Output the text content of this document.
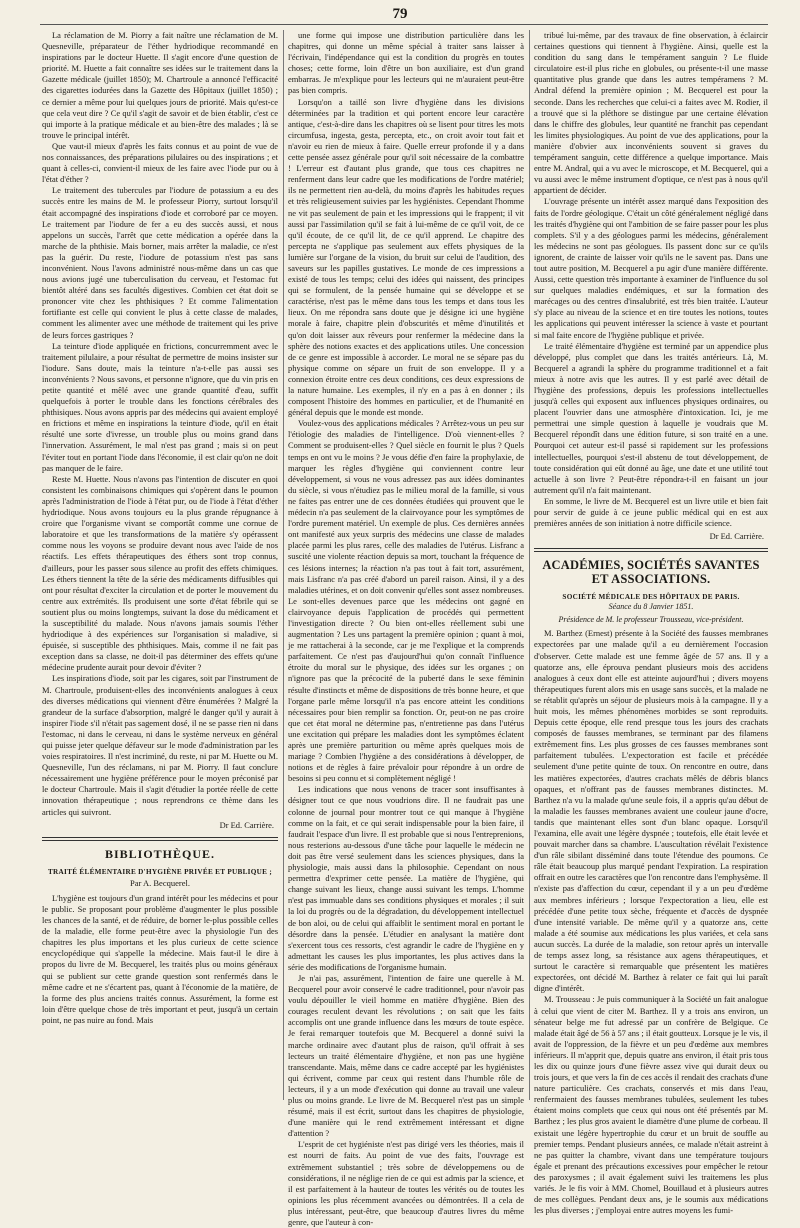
79

La réclamation de M. Piorry a fait naître une réclamation de M. Quesneville, préparateur de l'éther hydriodique recommandé en inspirations par le docteur Huette. Il s'agit encore d'une question de priorité. M. Huette a fait connaître ses idées sur le traitement dans la Gazette médicale (juillet 1850); M. Chartroule a annoncé l'efficacité des cigarettes iodurées dans la Gazette des Hôpitaux (juillet 1850) ; ce dernier a même pour lui quelques jours de priorité. Mais qu'est-ce que cela veut dire ? Ce qu'il s'agit de savoir et de bien établir, c'est ce qui importe à la pratique médicale et au bien-être des malades ; là se trouve le principal intérêt.

Que vaut-il mieux d'après les faits connus et au point de vue de nos connaissances, des préparations pilulaires ou des inspirations ; et quant à celles-ci, convient-il mieux de les faire avec l'iode pur ou à l'état d'éther ?

Le traitement des tubercules par l'iodure de potassium a eu des succès entre les mains de M. le professeur Piorry, surtout lorsqu'il était accompagné des inspirations d'iode et corroboré par ce moyen. Le traitement par l'iodure de fer a eu des succès aussi, et nous appelons un succès, l'arrêt que cette médication a opérée dans la marche de la phthisie. Mais borner, mais arrêter la maladie, ce n'est pas la guérir. Du reste, l'iodure de potassium n'est pas sans inconvénient. Nous l'avons administré nous-même dans un cas que nous avions jugé une tuberculisation du cerveau, et l'estomac fut bientôt altéré dans ses facultés digestives. Combien cet état doit se prononcer vite chez les phthisiques ? Et comme l'alimentation fortifiante est celle qui convient le plus à cette classe de malades, comment les alimenter avec une méthode de traitement qui les prive de leurs forces gastriques ?

La teinture d'iode appliquée en frictions, concurremment avec le traitement pilulaire, a pour résultat de permettre de moins insister sur l'iodure. Sans doute, mais la teinture n'a-t-elle pas aussi ses inconvénients ? Nous savons, et personne n'ignore, que du vin pris en petite quantité et mêlé avec une grande quantité d'eau, suffit quelquefois à porter le trouble dans les fonctions cérébrales des phthisiques. Nous avons appris par des médecins qui avaient employé en frictions et même en inspirations la teinture d'iode, qu'il en était résulté une sorte d'ivresse, un trouble plus ou moins grand dans l'innervation. Assurément, le mal n'est pas grand ; mais si on peut l'éviter tout en portant l'iode dans l'économie, il est clair qu'on ne doit pas manquer de le faire.

Reste M. Huette. Nous n'avons pas l'intention de discuter en quoi consistent les combinaisons chimiques qui s'opèrent dans le poumon après l'administration de l'iode à l'état pur, ou de l'iode à l'état d'éther hydriodique. Nous avons toujours eu la plus grande répugnance à croire que l'organisme vivant se comportât comme une cornue de laboratoire et que les transformations de la matière s'y opérassent comme nous les voyons se produire devant nous avec l'aide de nos réactifs. Les effets thérapeutiques des éthers sont trop connus, d'ailleurs, pour les passer sous silence au profit des effets chimiques. Les éthers tiennent la tête de la série des médicaments diffusibles qui ont pour résultat d'exciter la circulation et de porter le mouvement du centre aux extrémités. Ils produisent une sorte d'état fébrile qui se soutient plus ou moins longtemps, suivant la dose du médicament et la susceptibilité du malade. Nous n'avons jamais soumis l'éther hydriodique à des expériences sur l'organisation si maladive, si épuisée, si susceptible des phthisiques. Mais, comme il ne fait pas exception dans sa classe, ne doit-il pas déterminer des effets qu'une médecine prudente aurait pour devoir d'éviter ?

Les inspirations d'iode, soit par les cigares, soit par l'instrument de M. Chartroule, produisent-elles des inconvénients analogues à ceux des diverses médications qui viennent d'être énumérées ? Malgré la grandeur de la surface d'absorption, malgré le danger qu'il y aurait à inspirer l'iode s'il n'était pas sagement dosé, il ne se passe rien ni dans l'estomac, ni dans le cerveau, ni dans le système nerveux en général qui puisse jeter quelque défaveur sur le mode d'administration par les voies respiratoires. Il n'est incriminé, du reste, ni par M. Huette ou M. Quesneville, l'un des réclamans, ni par M. Piorry. Il faut conclure nécessairement une hygiène préférence pour le moyen préconisé par le docteur Chartroule. Mais il s'agit d'étudier la portée réelle de cette innovation thérapeutique ; nous reprendrons ce thème dans les articles qui suivront.

Dr Ed. Carrière.
BIBLIOTHÈQUE.
TRAITÉ ÉLÉMENTAIRE D'HYGIÈNE PRIVÉE ET PUBLIQUE ;
Par A. Becquerel.

L'hygiène est toujours d'un grand intérêt pour les médecins et pour le public. Se proposant pour problème d'augmenter le plus possible les chances de la santé, et de réduire, de borner le-plus possible celles de la maladie, elle forme peut-être avec la physiologie l'un des chapitres les plus importans et les plus curieux de cette science encyclopédique qui s'appelle la médecine. Mais faut-il le dire à propos du livre de M. Becquerel, les traités plus ou moins généraux qui se publient sur cette grande question sont renfermés dans le même cadre et ne s'écartent pas, quant à l'économie de la matière, de la forme des plus anciens traités connus. Assurément, la forme est loin d'être quelque chose de très important et peut, jusqu'à un certain point, ne pas nuire au fond. Mais

une forme qui impose une distribution particulière dans les chapitres, qui donne un même spécial à traiter sans laisser à l'écrivain, l'indépendance qui est la condition du progrès en toutes choses; cette forme, loin d'être un bon auxiliaire, est d'un grand embarras. Je m'explique pour les lecteurs qui ne m'auraient peut-être pas bien compris.

Lorsqu'on a taillé son livre d'hygiène dans les divisions déterminées par la tradition et qui portent encore leur caractère antique, c'est-à-dire dans les chapitres où se lisent pour titres les mots circumfusa, ingesta, gesta, percepta, etc., on croit avoir tout fait et n'avoir eu rien de mieux à faire. Quelle erreur profonde il y a dans cette pensée assez générale pour qu'il soit nécessaire de la combattre ! L'erreur est d'autant plus grande, que tous ces chapitres ne renferment dans leur cadre que les modifications de l'ordre matériel; ils ne permettent rien au-delà, du moins d'après les habitudes reçues et très religieusement suivies par les hygiénistes. Cependant l'homme ne vit pas seulement de pain et les impressions qui le frappent; il vit aussi par l'assimilation qu'il se fait à lui-même de ce qu'il voit, de ce qu'il écoute, de ce qu'il lit, de ce qu'il apprend. Le chapitre des percepta ne s'applique pas seulement aux effets physiques de la lumière sur l'organe de la vision, du bruit sur celui de l'audition, des saveurs sur les papilles gustatives. Le monde de ces impressions a existé de tous les temps; celui des idées qui naissent, des principes qui se formulent, de la pensée humaine qui se développe et se caractérise, n'est pas le même dans tous les temps et dans tous les lieux. On me répondra sans doute que je désigne ici une hygiène morale à faire, chapitre plein d'obscurités et même d'inutilités et qu'on doit laisser aux rêveurs pour renfermer la médecine dans la sphère des notions exactes et des applications utiles. Une concession de ce genre est impossible à accorder. Le moral ne se sépare pas du physique comme on sépare un fruit de son enveloppe. Il y a connexion étroite entre ces deux conditions, ces deux expressions de la nature humaine. Les exemples, il n'y en a pas à en donner ; ils composent l'histoire des hommes en particulier, et de l'humanité en général depuis que le monde est monde.

Voulez-vous des applications médicales ? Arrêtez-vous un peu sur l'étiologie des maladies de l'intelligence. D'où viennent-elles ? Comment se produisent-elles ? Quel siècle en fournit le plus ? Quels temps en ont vu le moins ? Je vous défie d'en faire la prophylaxie, de marquer les règles d'hygiène qui conviennent contre leur développement, si vous ne vous adressez pas aux idées dominantes du siècle, si vous n'étudiez pas le milieu moral de la famille, si vous ne faites pas entrer une de ces données étudiées qui prouvent que le médecin n'a pas seulement de la clairvoyance pour les symptômes de l'ordre purement matériel. Un exemple de plus. Ces dernières années ont manifesté aux yeux surpris des médecins une classe de malades placée parmi les plus rares, celle des maladies de l'utérus. Lisfranc a suscité une violente réaction depuis sa mort, touchant la fréquence de ces lésions internes; la réaction n'a pas tout à fait tort, assurément, mais Lisfranc n'a pas créé d'abord un pareil raison. Ainsi, il y a des maladies utérines, et on doit convenir qu'elles sont assez nombreuses. Le sont-elles devenues parce que les médecins ont gagné en clairvoyance depuis l'application de procédés qui permettent l'investigation directe ? Ou bien ont-elles réellement subi une augmentation ? Les uns partagent la première opinion ; quant à moi, je me rattacherai à la seconde, car je me l'explique et la comprends parfaitement. Ce n'est pas d'aujourd'hui qu'on connaît l'influence étroite du moral sur le physique, des idées sur les organes ; on n'ignore pas que la précocité de la puberté dans le sexe féminin résulte d'instincts et même de dispositions de très bonne heure, et que l'organe parle même lorsqu'il n'a pas encore atteint les conditions nécessaires pour bien remplir sa fonction. Or, peut-on ne pas croire que cet état moral ne détermine pas, n'entretienne pas dans l'utérus une excitation qui prépare les maladies dont les symptômes éclatent après une première parturition ou même après quelques mois de mariage ? Combien l'hygiène a des considérations à développer, de notions et de règles à faire prévaloir pour répondre à un ordre de besoins si peu connu et si complètement négligé !

Les indications que nous venons de tracer sont insuffisantes à désigner tout ce que nous voudrions dire. Il ne faudrait pas une colonne de journal pour montrer tout ce qui manque à l'hygiène comme on la fait, et ce qui serait indispensable pour la bien faire, il faudrait l'espace d'un livre. Il est probable que si nous l'entreprenions, nous resterions au-dessous d'une tâche pour laquelle le médecin ne doit pas être versé seulement dans les sciences physiques, dans la physiologie, mais aussi dans la philosophie. Cependant on nous permettra d'exprimer cette pensée. La matière de l'hygiène, qui change suivant les lieux, change aussi suivant les temps. L'homme n'est pas immuable dans ses conditions physiques et morales ; il suit la loi du progrès ou de la dégradation, du développement intellectuel de bon aloi, ou de celui qui affaiblit le sentiment moral en portant le désordre dans la pensée. L'étudier en analysant la matière dont s'exercent tous ces ressorts, c'est agrandir le cadre de l'hygiène en y admettant les causes les plus importantes, les plus actives dans la série des modifications de l'organisme humain.

Je n'ai pas, assurément, l'intention de faire une querelle à M. Becquerel pour avoir conservé le cadre traditionnel, pour n'avoir pas voulu dépouiller le vieil homme en matière d'hygiène. Bien des courages reculent devant les révolutions ; on sait que les faits accomplis ont une grande influence dans les mœurs de toute espèce. Je ferai remarquer toutefois que M. Becquerel a donné suivi la marche ordinaire avec d'autant plus de raison, qu'il offrait à ses lecteurs un traité élémentaire d'hygiène, et non pas une hygiène transcendante. Mais, même dans ce cadre accepté par les hygiénistes qui écrivent, comme par ceux qui restent dans l'humble rôle de lecteurs, il y a un mode d'exécution qui donne au travail une valeur plus ou moins grande. Le livre de M. Becquerel n'est pas un simple résumé, mais il est écrit, surtout dans les chapitres de physiologie, d'une manière qui le rend extrêmement intéressant et digne d'attention ?

L'esprit de cet hygiéniste n'est pas dirigé vers les théories, mais il est nourri de faits. Au point de vue des faits, l'ouvrage est extrêmement substantiel ; très sobre de développemens ou de considérations, il ne néglige rien de ce qui est admis par la science, et il est parfaitement à la hauteur de toutes les vérités ou de toutes les opinions les plus récemment avancées ou démontrées. Il a cela de plus intéressant, peut-être, que beaucoup d'autres livres du même genre, que l'auteur à con-

tribué lui-même, par des travaux de fine observation, à éclaircir certaines questions qui tiennent à l'hygiène. Ainsi, quelle est la condition du sang dans le tempérament sanguin ? Le fluide circulatoire est-il plus riche en globules, ou présente-t-il une masse quantitative plus grande que dans les autres tempéramens ? M. Andral défend la première opinion ; M. Becquerel est pour la seconde. Dans les recherches que celui-ci a faites avec M. Rodier, il a trouvé que si la pléthore se distingue par une certaine élévation dans le chiffre des globules, leur quantité ne franchit pas cependant les limites physiologiques. Au point de vue des applications, pour la manière d'obvier aux inconvénients souvent si graves du tempérament sanguin, cette différence a quelque importance. Mais entre M. Andral, qui a vu avec le microscope, et M. Becquerel, qui a vu aussi avec le même instrument d'optique, ce n'est pas à nous qu'il appartient de décider.

L'ouvrage présente un intérêt assez marqué dans l'exposition des faits de l'ordre géologique. C'était un côté généralement négligé dans les traités d'hygiène qui ont l'ambition de se faire passer pour les plus complets. S'il y a des géologues parmi les médecins, généralement les médecins ne sont pas géologues. Ils passent donc sur ce qu'ils ignorent, de crainte de laisser voir qu'ils ne le savent pas. Dans une tout autre position, M. Becquerel a pu agir d'une manière différente. Aussi, cette question très importante à examiner de l'influence du sol sur quelques maladies endémiques, et sur la formation des marécages ou des centres d'insalubrité, est très bien traitée. L'auteur s'y place au niveau de la science et en tire toutes les notions, toutes les applications qui peuvent intéresser la science à vaste et pourtant si mal faite encore de l'hygiène publique et privée.

Le traité élémentaire d'hygiène est terminé par un appendice plus développé, plus complet que dans les traités antérieurs. Là, M. Becquerel a agrandi la sphère du programme traditionnel et a fait mieux à notre avis que les autres. Il y est parlé avec détail de l'hygiène des professions, depuis les professions intellectuelles jusqu'à celles qui exposent aux influences physiques ordinaires, ou placent l'ouvrier dans une atmosphère d'intoxication. Ici, je me permettrai une simple question à laquelle je voudrais que M. Becquerel répondît dans une édition future, si son traité en a une. Pourquoi cet auteur est-il passé si rapidement sur les professions intellectuelles, pourquoi s'est-il abstenu de tout développement, de toute considération qui eût donné au âge, une date et une utilité tout actuelle à son livre ? Peut-être répondra-t-il en faisant un jour autrement qu'il n'a fait maintenant.

En somme, le livre de M. Becquerel est un livre utile et bien fait pour servir de guide à ce jeune public médical qui en est aux premières années de son initiation à notre difficile science.

Dr Ed. Carrière.
ACADÉMIES, SOCIÉTÉS SAVANTES ET ASSOCIATIONS.
SOCIÉTÉ MÉDICALE DES HÔPITAUX DE PARIS.
Séance du 8 Janvier 1851.
Présidence de M. le professeur Trousseau, vice-président.

M. Barthez (Ernest) présente à la Société des fausses membranes expectorées par une malade qu'il a eu dernièrement l'occasion d'observer. Cette malade est une femme âgée de 57 ans. Il y a quatorze ans, elle éprouva pendant plusieurs mois des accidens analogues à ceux dont elle est atteinte aujourd'hui ; divers moyens thérapeutiques furent alors mis en usage sans succès, et la malade ne se rétablit qu'après un séjour de plusieurs mois à la campagne. Il y a huit mois, les mêmes phénomènes morbides se sont reproduits. Depuis cette époque, elle rend presque tous les jours des crachats composés de fausses membranes, se terminant par des filamens extrêmement fins. Les plus grosses de ces fausses membranes sont parfaitement tubulées. L'expectoration est facile et précédée seulement d'une petite quinte de toux. On rencontre en outre, dans les matières expectorées, d'autres crachats mêlés de débris blancs opaques, et n'offrant pas de fausses membranes distinctes. M. Barthez n'a vu la malade qu'une seule fois, il a appris qu'au début de la maladie les fausses membranes avaient une couleur jaune d'ocre, tandis que maintenant elles sont d'un blanc opaque. Lorsqu'il l'examina, elle avait une légère dyspnée ; toutefois, elle était levée et pouvait marcher dans sa chambre. L'auscultation révélait l'existence d'un râle sibilant disséminé dans toute l'étendue des poumons. Ce râle était beaucoup plus marqué pendant l'expiration. La respiration offrait en outre les caractères que l'on rencontre dans l'emphysème. Il n'existe pas d'affection du cœur, cependant il y a un peu d'œdème aux membres inférieurs ; lorsque l'expectoration a lieu, elle est précédée d'une petite toux sèche, fréquente et d'accès de dyspnée d'une intensité variable. De même qu'il y a quatorze ans, cette malade a été soumise aux médications les plus variées, et cela sans aucun succès. La durée de la maladie, son retour après un intervalle de temps assez long, sa résistance aux agens thérapeutiques, et surtout le caractère si remarquable que présentent les matières expectorées, ont décidé M. Barthez à relater ce fait qui lui paraît digne d'intérêt.

M. Trousseau : Je puis communiquer à la Société un fait analogue à celui que vient de citer M. Barthez. Il y a trois ans environ, un sénateur belge me fut adressé par un confrère de Belgique. Ce malade était âgé de 56 à 57 ans ; il était goutteux. Lorsque je le vis, il avait de l'oppression, de la fièvre et un peu d'œdème aux membres inférieurs. Il m'apprit que, depuis quatre ans environ, il était pris tous les dix ou quinze jours d'une fièvre assez vive qui durait deux ou trois jours, et que vers la fin de ces accès il rendait des crachats d'une nature particulière. Ces crachats, conservés et mis dans l'eau, renfermaient des fausses membranes tubulées, seulement les tubes étaient moins complets que ceux qui nous ont été présentés par M. Barthez ; les plus gros avaient le diamètre d'une plume de corbeau. Il existait une légère hypertrophie du cœur et un bruit de souffle au premier temps. Pendant plusieurs années, ce malade n'était astreint à ne pas quitter la chambre, vivant dans une température toujours égale et prenant des précautions excessives pour empêcher le retour des paroxysmes ; il avait également suivi les traitemens les plus variés. Je le fis voir à MM. Chomel, Bouillaud et à plusieurs autres de mes collègues. Pendant deux ans, je le soumis aux médications les plus diverses ; j'employai entre autres moyens les fumi-
